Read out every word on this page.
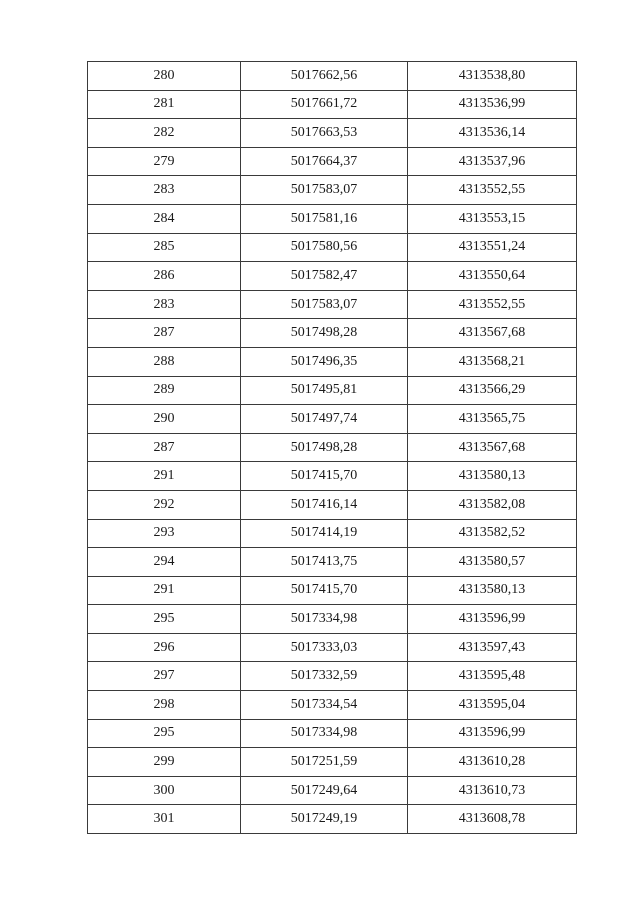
280	5017662,56	4313538,80
281	5017661,72	4313536,99
282	5017663,53	4313536,14
279	5017664,37	4313537,96
283	5017583,07	4313552,55
284	5017581,16	4313553,15
285	5017580,56	4313551,24
286	5017582,47	4313550,64
283	5017583,07	4313552,55
287	5017498,28	4313567,68
288	5017496,35	4313568,21
289	5017495,81	4313566,29
290	5017497,74	4313565,75
287	5017498,28	4313567,68
291	5017415,70	4313580,13
292	5017416,14	4313582,08
293	5017414,19	4313582,52
294	5017413,75	4313580,57
291	5017415,70	4313580,13
295	5017334,98	4313596,99
296	5017333,03	4313597,43
297	5017332,59	4313595,48
298	5017334,54	4313595,04
295	5017334,98	4313596,99
299	5017251,59	4313610,28
300	5017249,64	4313610,73
301	5017249,19	4313608,78
